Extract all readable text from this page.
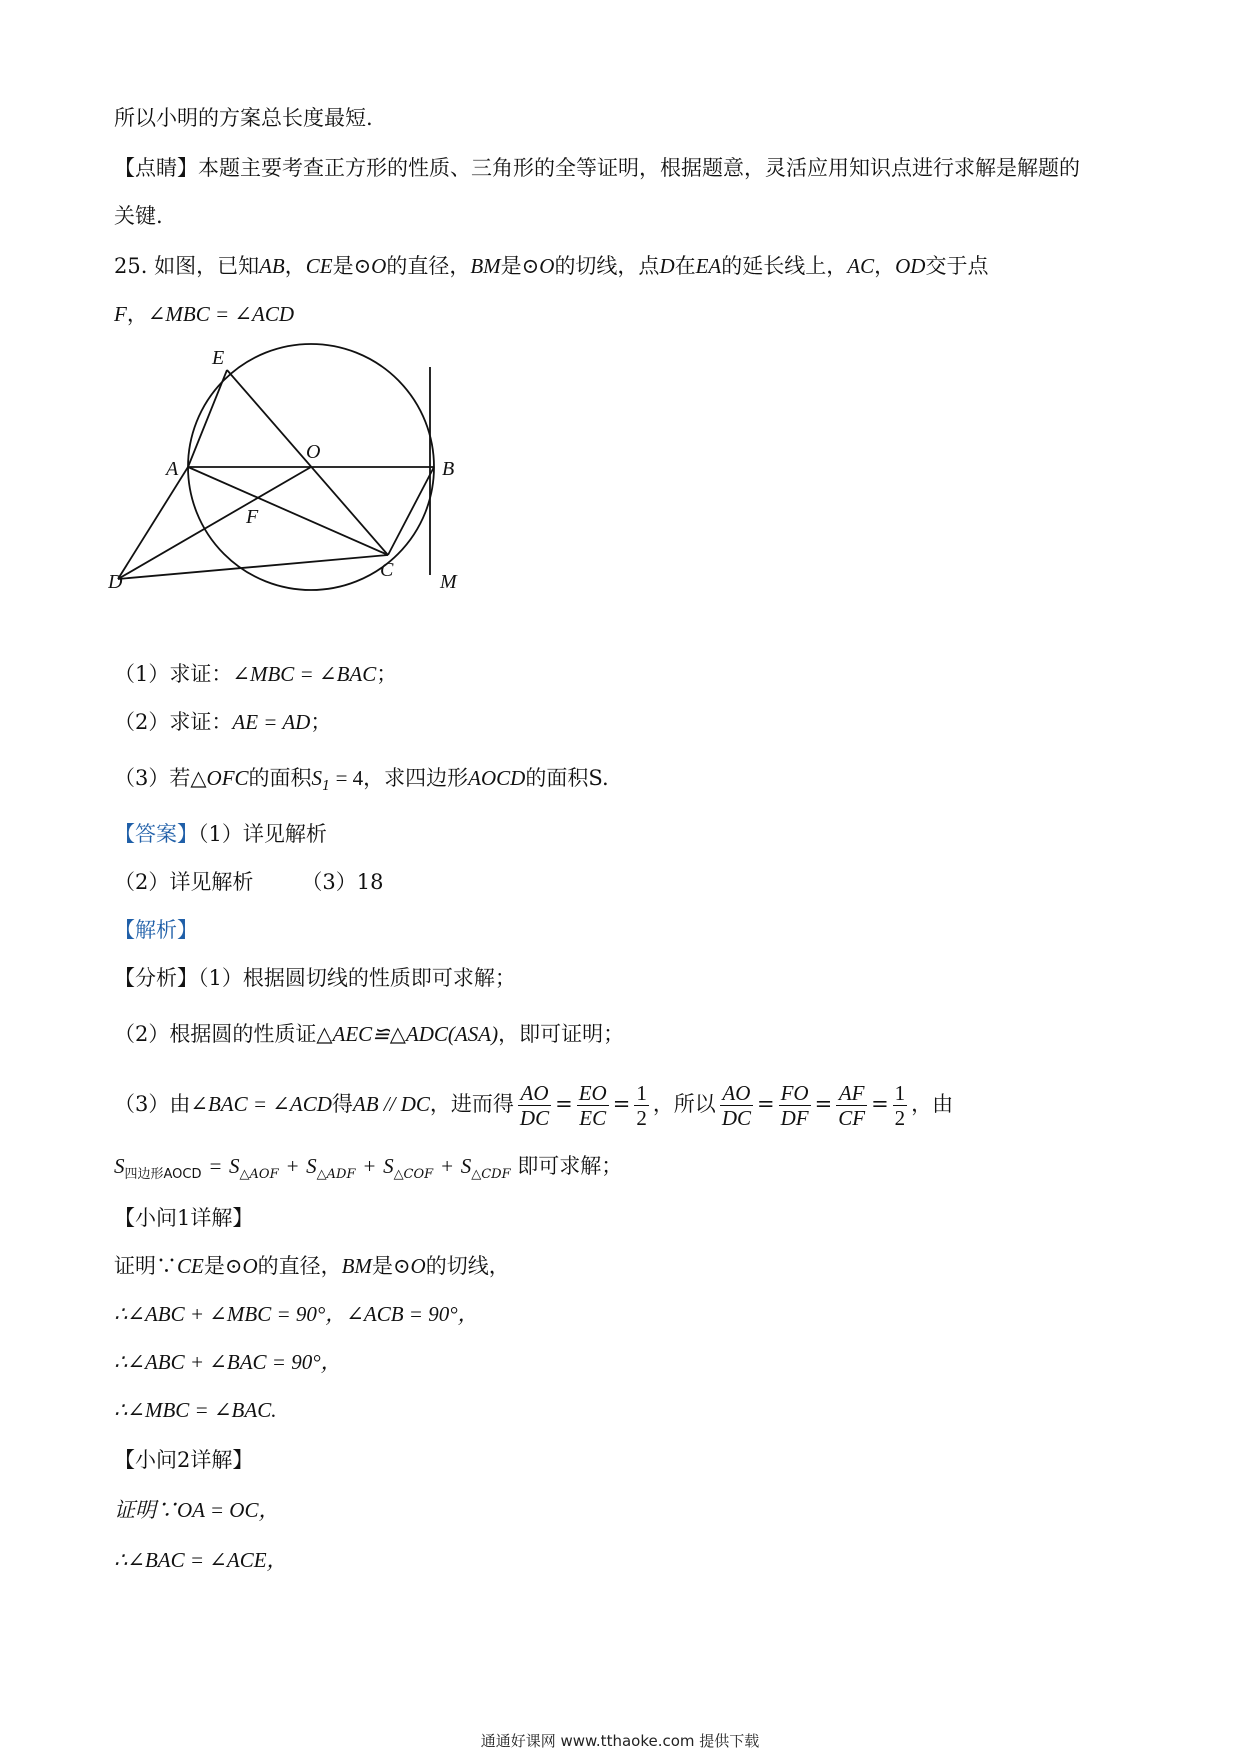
所以小明的方案总长度最短.
【点睛】本题主要考查正方形的性质、三角形的全等证明，根据题意，灵活应用知识点进行求解是解题的
关键.
25. 如图，已知AB，CE是⊙O的直径，BM是⊙O的切线，点D在EA的延长线上，AC，OD交于点
F，∠MBC = ∠ACD
E
O
A	B
F
C
D	M
（1）求证：∠MBC = ∠BAC；
（2）求证：AE = AD；
（3）若△OFC的面积$S_1 = 4$，求四边形AOCD的面积S.
【答案】（1）详见解析
（2）详见解析 （3）18
【解析】
【分析】（1）根据圆切线的性质即可求解；
（2）根据圆的性质证△AEC≌△ADC(ASA)，即可证明；
（3）由∠BAC = ∠ACD得AB // DC，进而得 $\frac{AO}{DC} = \frac{EO}{EC} = \frac{1}{2}$ ，所以 $\frac{AO}{DC} = \frac{FO}{DF} = \frac{AF}{CF} = \frac{1}{2}$ ，由
$S_{四边形AOCD} = S_{\triangle AOF} + S_{\triangle ADF} + S_{\triangle COF} + S_{\triangle CDF}$ 即可求解；
【小问1详解】
证明∵CE是⊙O的直径，BM是⊙O的切线，
∴∠ABC + ∠MBC = 90°，∠ACB = 90°，
∴∠ABC + ∠BAC = 90°，
∴∠MBC = ∠BAC.
【小问2详解】
证明∵OA = OC，
∴∠BAC = ∠ACE，
通通好课网 www.tthaoke.com 提供下载
